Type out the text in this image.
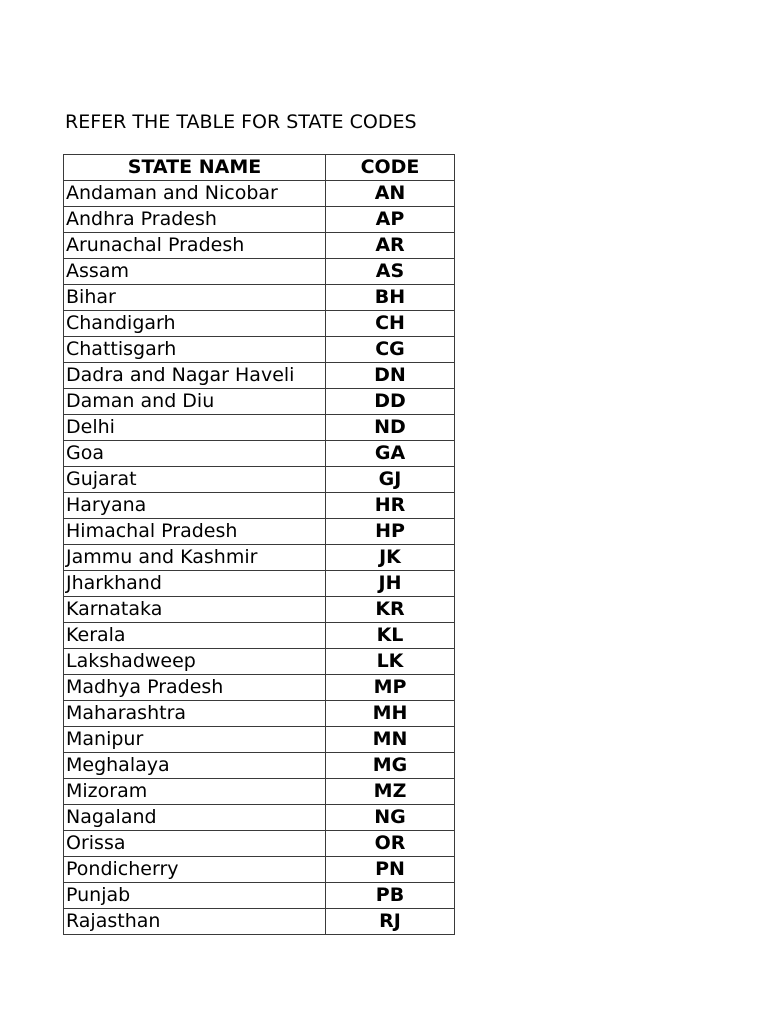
REFER THE TABLE FOR STATE CODES
STATE NAME	CODE
Andaman and Nicobar	AN
Andhra Pradesh	AP
Arunachal Pradesh	AR
Assam	AS
Bihar	BH
Chandigarh	CH
Chattisgarh	CG
Dadra and Nagar Haveli	DN
Daman and Diu	DD
Delhi	ND
Goa	GA
Gujarat	GJ
Haryana	HR
Himachal Pradesh	HP
Jammu and Kashmir	JK
Jharkhand	JH
Karnataka	KR
Kerala	KL
Lakshadweep	LK
Madhya Pradesh	MP
Maharashtra	MH
Manipur	MN
Meghalaya	MG
Mizoram	MZ
Nagaland	NG
Orissa	OR
Pondicherry	PN
Punjab	PB
Rajasthan	RJ
